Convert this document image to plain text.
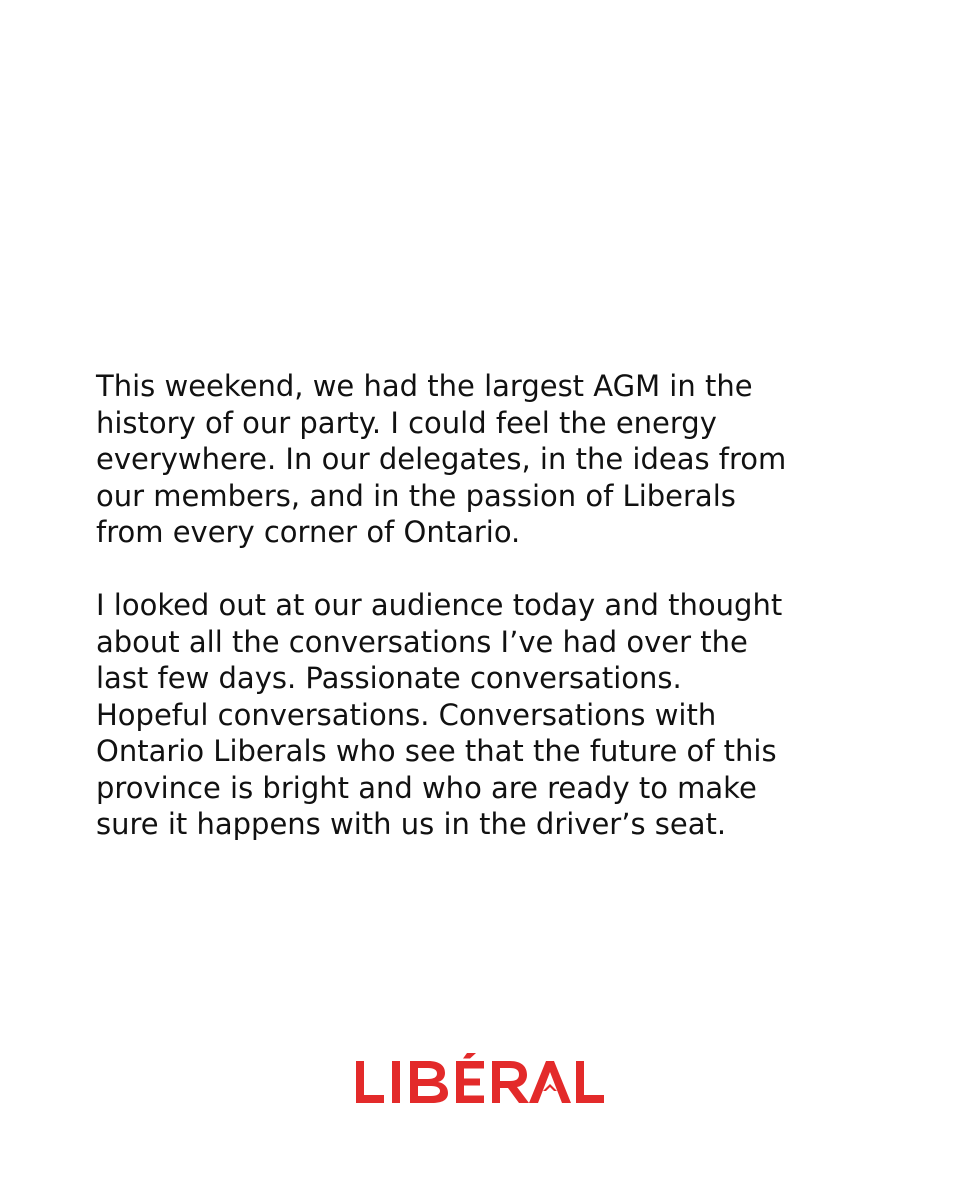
This weekend, we had the largest AGM in the
history of our party. I could feel the energy
everywhere. In our delegates, in the ideas from
our members, and in the passion of Liberals
from every corner of Ontario.

I looked out at our audience today and thought
about all the conversations I’ve had over the
last few days. Passionate conversations.
Hopeful conversations. Conversations with
Ontario Liberals who see that the future of this
province is bright and who are ready to make
sure it happens with us in the driver’s seat.
